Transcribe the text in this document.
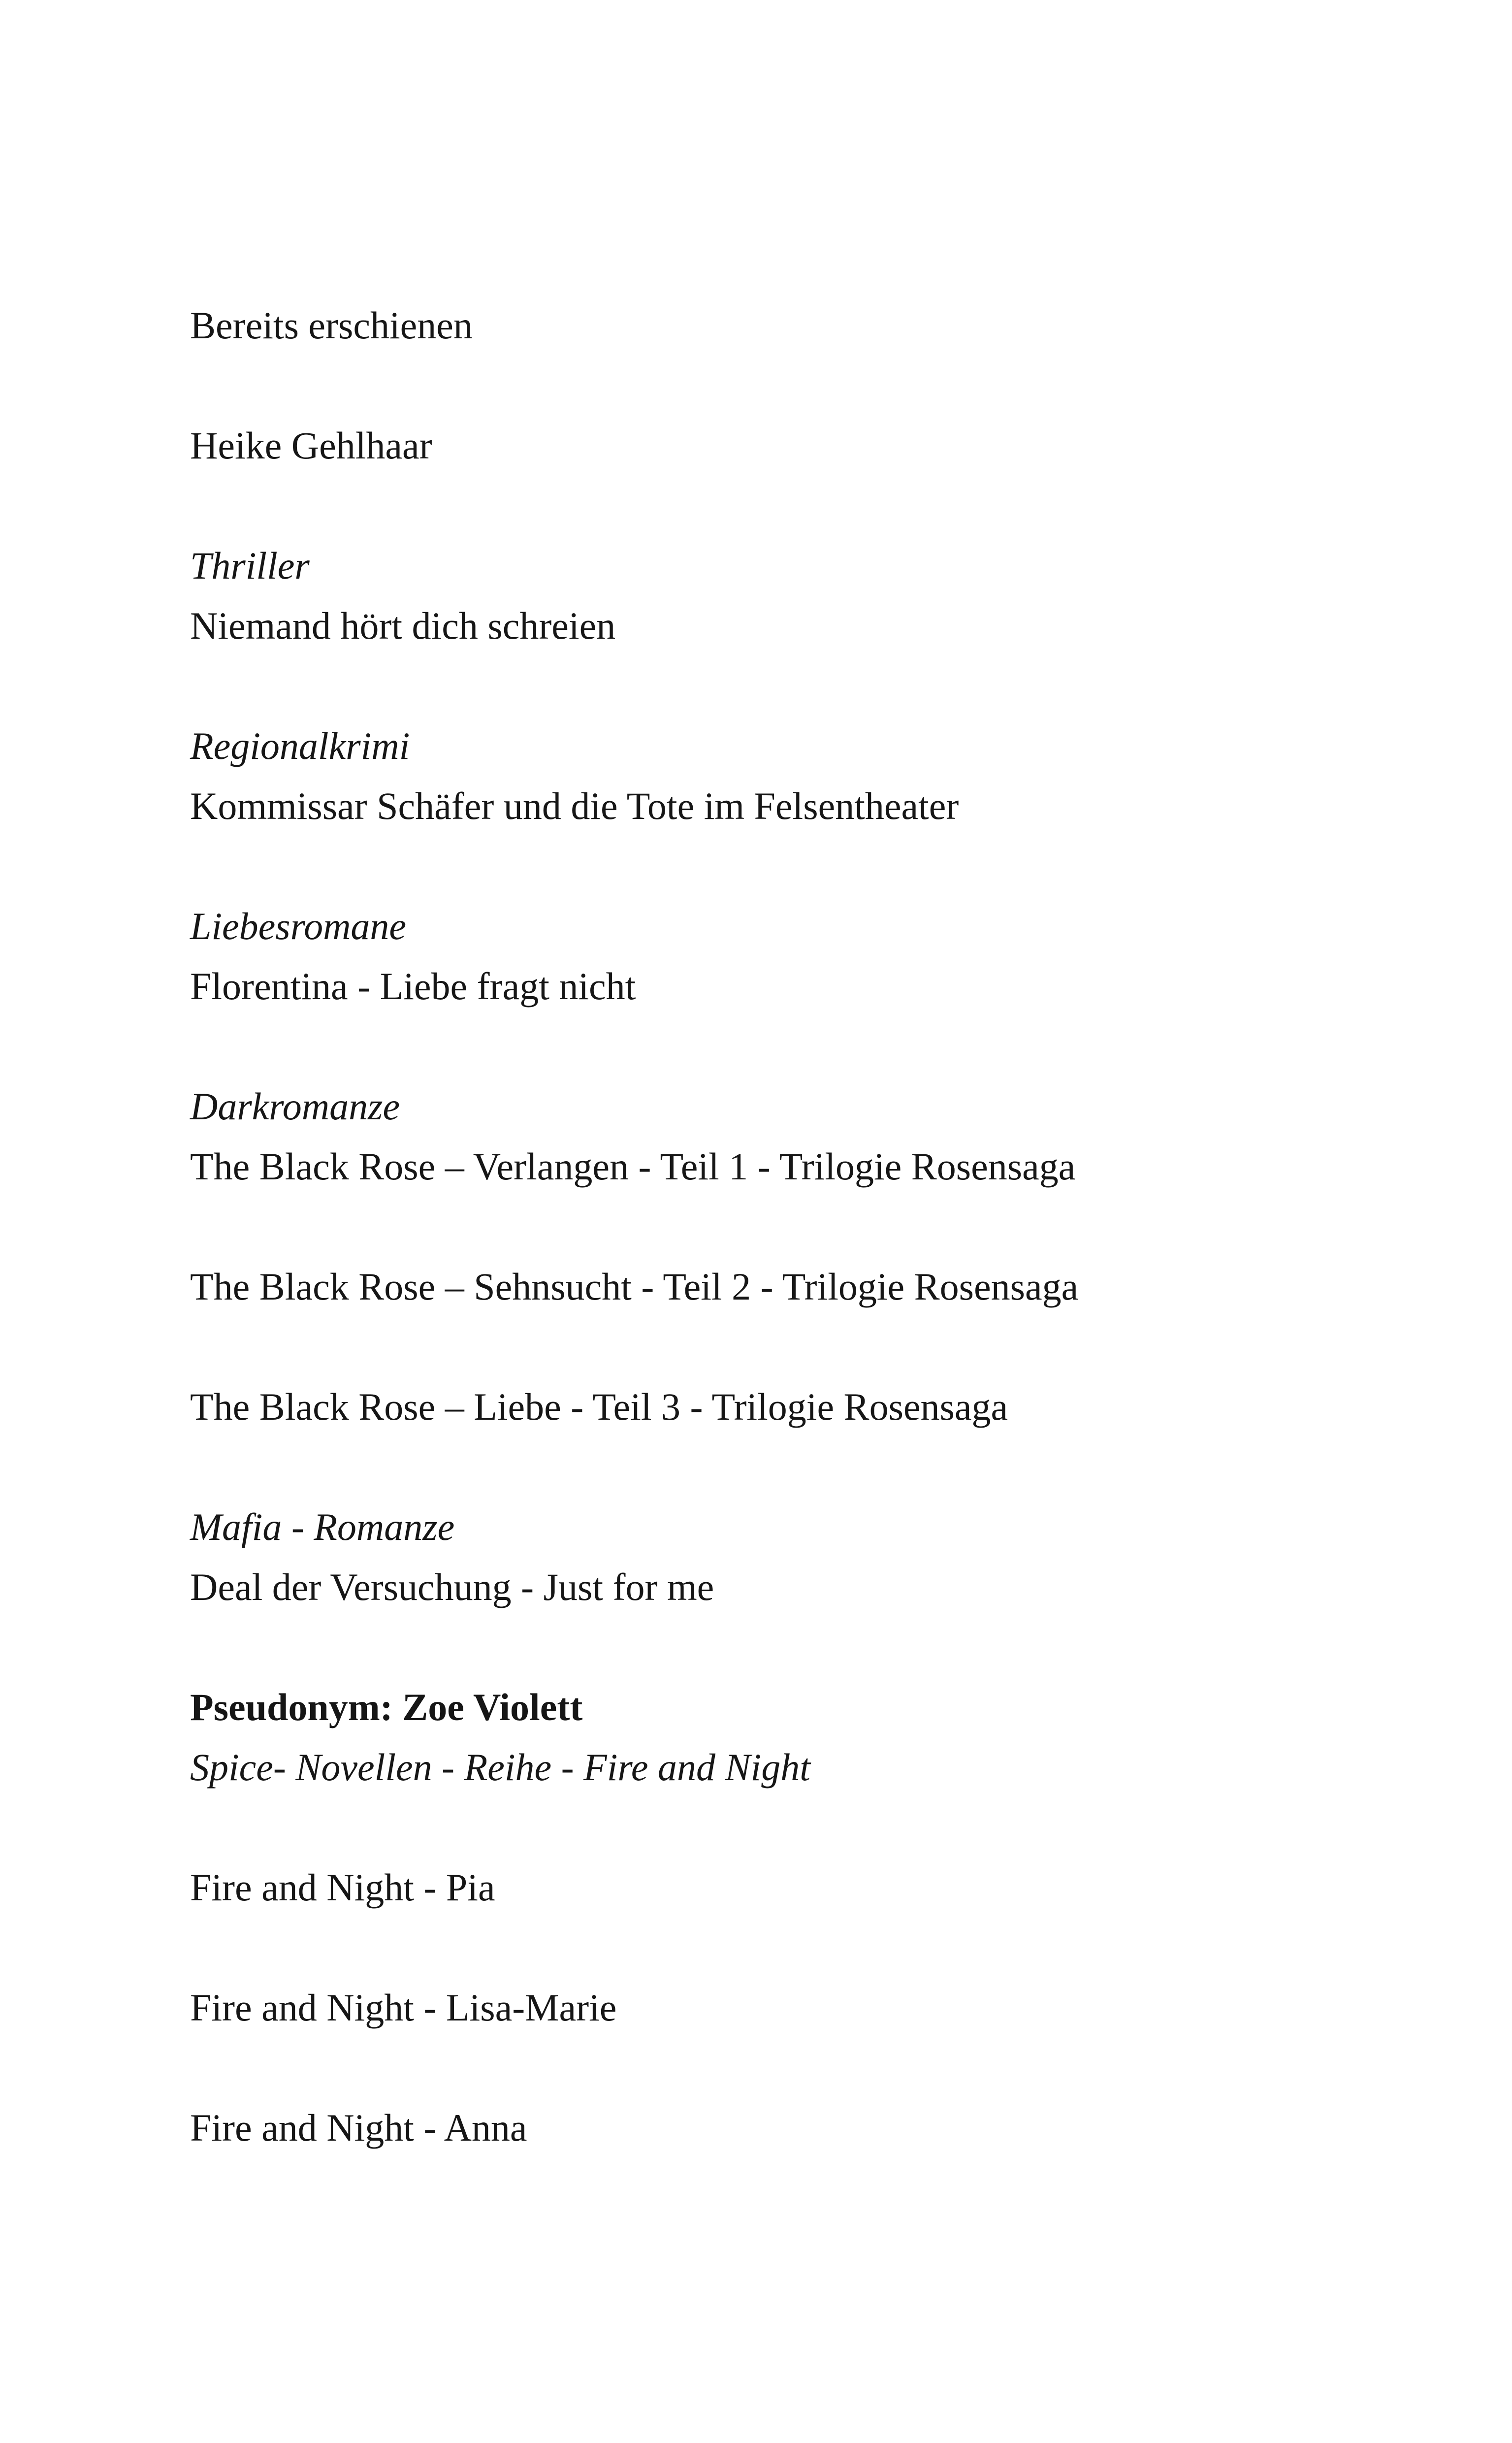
Bereits erschienen

Heike Gehlhaar

Thriller
Niemand hört dich schreien

Regionalkrimi
Kommissar Schäfer und die Tote im Felsentheater

Liebesromane
Florentina - Liebe fragt nicht

Darkromanze
The Black Rose – Verlangen - Teil 1 - Trilogie Rosensaga

The Black Rose – Sehnsucht - Teil 2 - Trilogie Rosensaga

The Black Rose – Liebe - Teil 3 - Trilogie Rosensaga

Mafia - Romanze
Deal der Versuchung - Just for me

Pseudonym: Zoe Violett
Spice- Novellen - Reihe - Fire and Night

Fire and Night - Pia

Fire and Night - Lisa-Marie

Fire and Night - Anna
